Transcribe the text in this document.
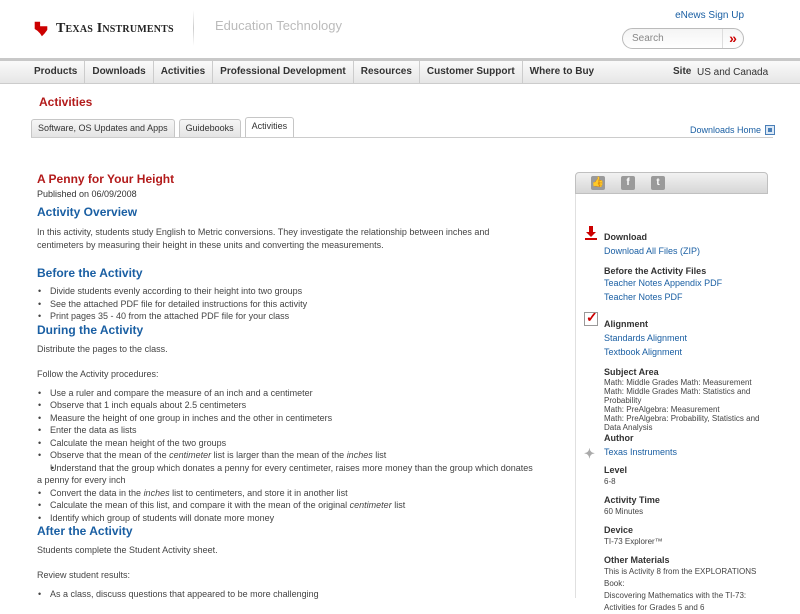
Texas Instruments	Education Technology
eNews Sign Up
Search	»
Products	Downloads	Activities	Professional Development	Resources	Customer Support	Where to Buy	Site US and Canada
Activities
Software, OS Updates and Apps	Guidebooks	Activities	Downloads Home
A Penny for Your Height
Published on 06/09/2008
Activity Overview

In this activity, students study English to Metric conversions. They investigate the relationship between inches and centimeters by measuring their height in these units and converting the measurements.

Before the Activity
• Divide students evenly according to their height into two groups
• See the attached PDF file for detailed instructions for this activity
• Print pages 35 - 40 from the attached PDF file for your class
During the Activity

Distribute the pages to the class.

Follow the Activity procedures:

• Use a ruler and compare the measure of an inch and a centimeter
• Observe that 1 inch equals about 2.5 centimeters
• Measure the height of one group in inches and the other in centimeters
• Enter the data as lists
• Calculate the mean height of the two groups
• Observe that the mean of the centimeter list is larger than the mean of the inches list
• Understand that the group which donates a penny for every centimeter, raises more money than the group which donates a penny for every inch
• Convert the data in the inches list to centimeters, and store it in another list
• Calculate the mean of this list, and compare it with the mean of the original centimeter list
• Identify which group of students will donate more money
After the Activity

Students complete the Student Activity sheet.

Review student results:

• As a class, discuss questions that appeared to be more challenging
👍	f	t
Download
Download All Files (ZIP)
Before the Activity Files
Teacher Notes Appendix PDF
Teacher Notes PDF
✓
Alignment
Standards Alignment
Textbook Alignment
Subject Area
Math: Middle Grades Math: Measurement
Math: Middle Grades Math: Statistics and Probability
Math: PreAlgebra: Measurement
Math: PreAlgebra: Probability, Statistics and Data Analysis
✦
Author
Texas Instruments
Level
6-8
Activity Time
60 Minutes
Device
TI-73 Explorer™
Other Materials
This is Activity 8 from the EXPLORATIONS Book:
Discovering Mathematics with the TI-73: Activities for Grades 5 and 6
